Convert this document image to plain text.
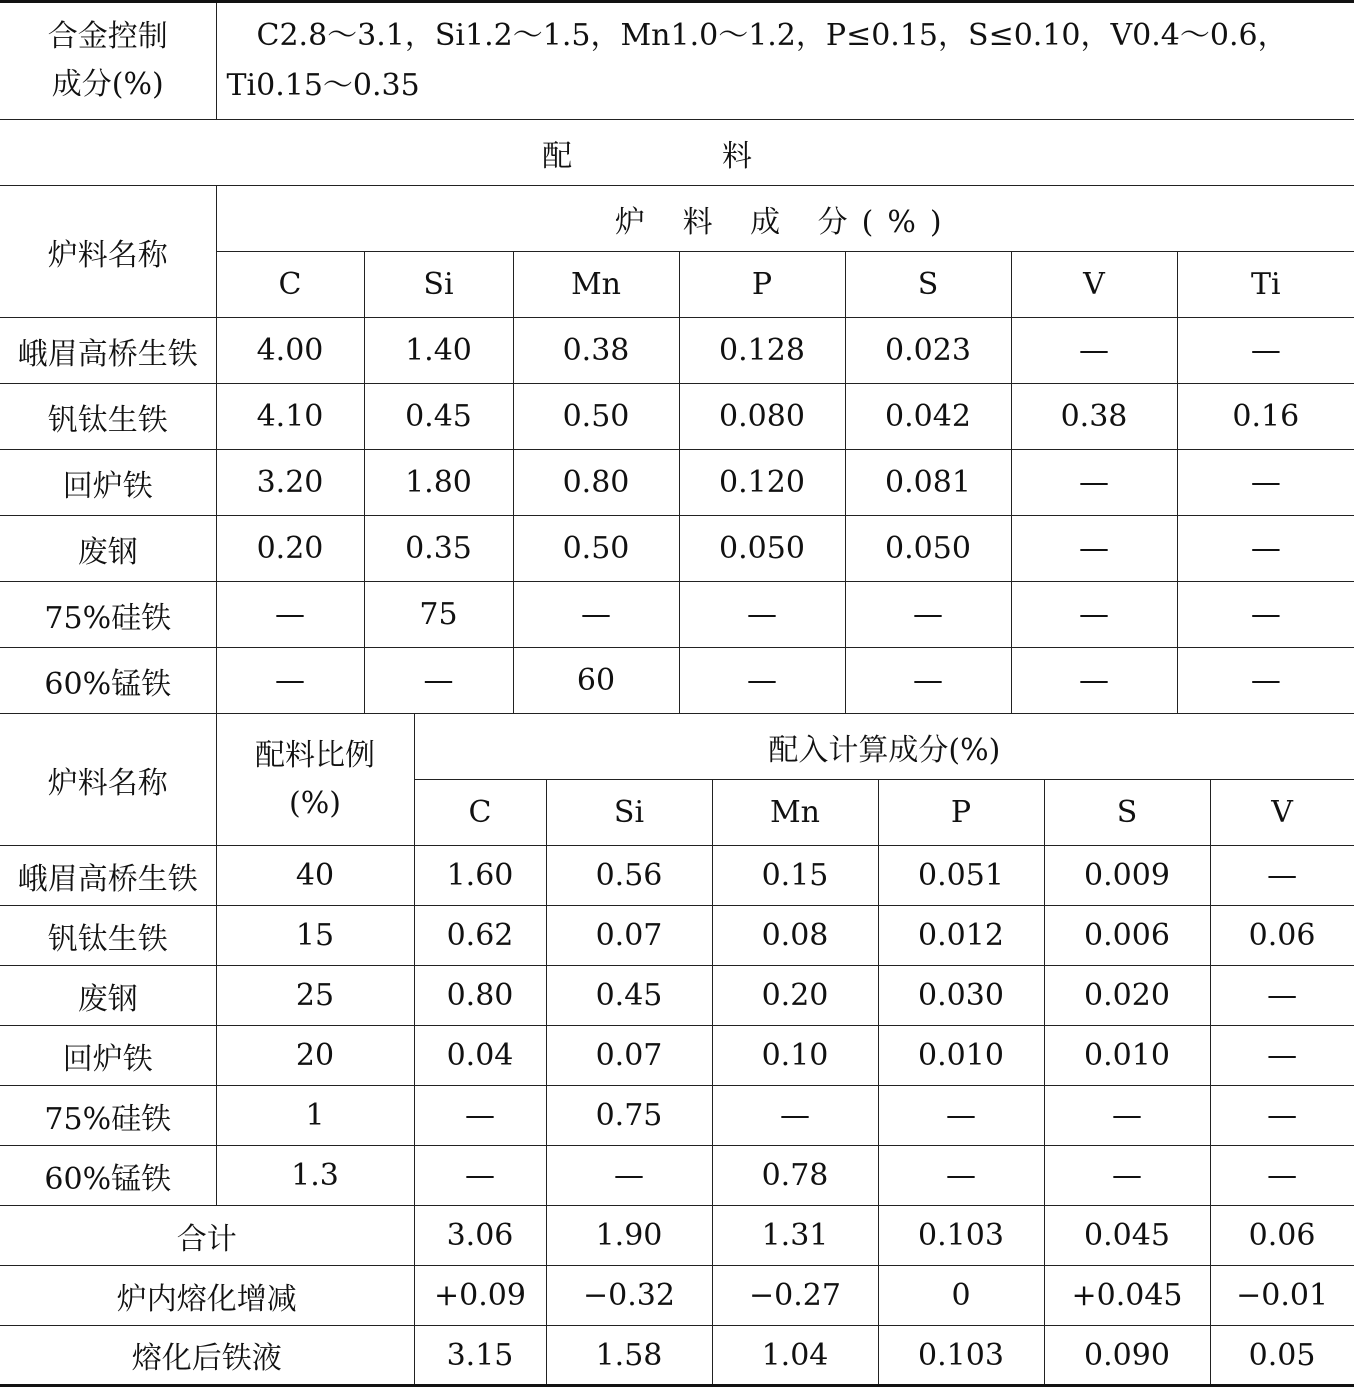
合金控制
成分(%)	　C2.8～3.1，Si1.2～1.5，Mn1.0～1.2，P≤0.15，S≤0.10，V0.4～0.6，Ti0.15～0.35													
配　料														
炉料名称	炉 料 成 分(%)													
	C	Si		Mn		P		S		V		Ti		
峨眉高桥生铁	4.00	1.40		0.38		0.128		0.023		—		—		
钒钛生铁	4.10	0.45		0.50		0.080		0.042		0.38		0.16		
回炉铁	3.20	1.80		0.80		0.120		0.081		—		—		
废钢	0.20	0.35		0.50		0.050		0.050		—		—		
75%硅铁	—	75		—		—		—		—		—		
60%锰铁	—	—		60		—		—		—		—		
炉料名称	配料比例
(%)		配入计算成分(%)											
			C		Si		Mn		P		S		V	
峨眉高桥生铁	40		1.60		0.56		0.15		0.051		0.009		—	
钒钛生铁	15		0.62		0.07		0.08		0.012		0.006		0.06	
废钢	25		0.80		0.45		0.20		0.030		0.020		—	
回炉铁	20		0.04		0.07		0.10		0.010		0.010		—	
75%硅铁	1		—		0.75		—		—		—		—	
60%锰铁	1.3		—		—		0.78		—		—		—	
合计			3.06		1.90		1.31		0.103		0.045		0.06	
炉内熔化增减			+0.09		−0.32		−0.27		0		+0.045		−0.01	
熔化后铁液			3.15		1.58		1.04		0.103		0.090		0.05	
